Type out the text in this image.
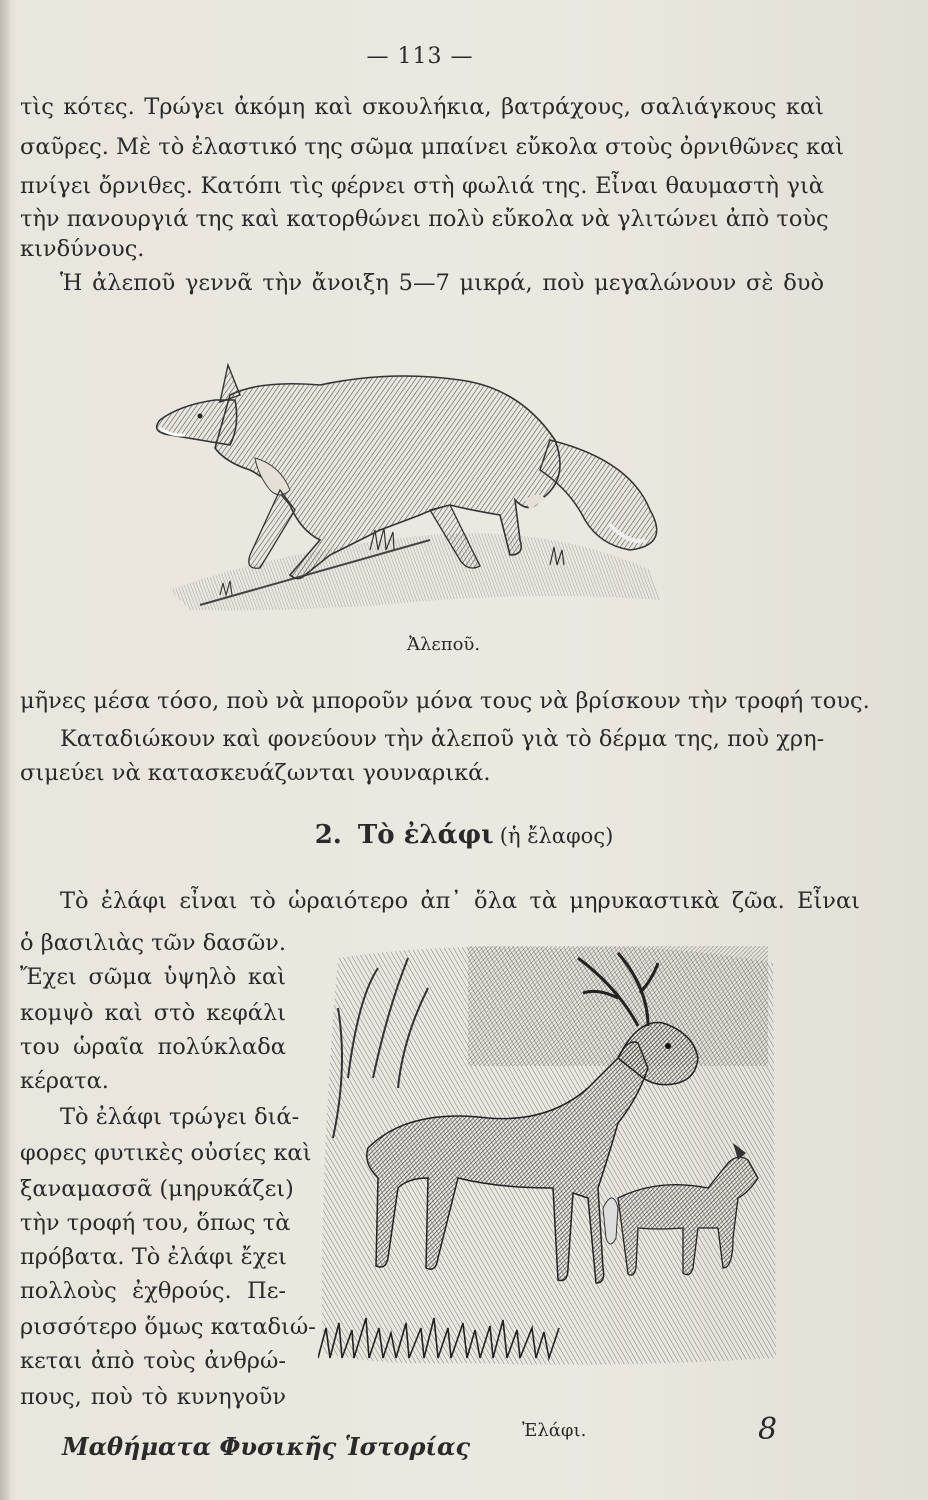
— 113 —
τὶς κότες. Τρώγει ἀκόμη καὶ σκουλήκια, βατράχους, σαλιάγκους καὶ
σαῦρες. Μὲ τὸ ἐλαστικό της σῶμα μπαίνει εὔκολα στοὺς ὀρνιθῶνες καὶ
πνίγει ὄρνιθες. Κατόπι τὶς φέρνει στὴ φωλιά της. Εἶναι θαυμαστὴ γιὰ
τὴν πανουργιά της καὶ κατορθώνει πολὺ εὔκολα νὰ γλιτώνει ἀπὸ τοὺς
κινδύνους.
Ἡ ἀλεποῦ γεννᾶ τὴν ἄνοιξη 5—7 μικρά, ποὺ μεγαλώνουν σὲ δυὸ
Ἀλεποῦ.
μῆνες μέσα τόσο, ποὺ νὰ μποροῦν μόνα τους νὰ βρίσκουν τὴν τροφή τους.
Καταδιώκουν καὶ φονεύουν τὴν ἀλεποῦ γιὰ τὸ δέρμα της, ποὺ χρη-
σιμεύει νὰ κατασκευάζωνται γουναρικά.
2. Τὸ ἐλάφι (ἡ ἔλαφος)
Τὸ ἐλάφι εἶναι τὸ ὡραιότερο ἀπ᾿ ὅλα τὰ μηρυκαστικὰ ζῶα. Εἶναι
ὁ βασιλιὰς τῶν δασῶν.
Ἔχει σῶμα ὑψηλὸ καὶ
κομψὸ καὶ στὸ κεφάλι
του ὡραῖα πολύκλαδα
κέρατα.
Τὸ ἐλάφι τρώγει διά-
φορες φυτικὲς οὐσίες καὶ
ξαναμασσᾶ (μηρυκάζει)
τὴν τροφή του, ὅπως τὰ
πρόβατα. Τὸ ἐλάφι ἔχει
πολλοὺς ἐχθρούς. Πε-
ρισσότερο ὅμως καταδιώ-
κεται ἀπὸ τοὺς ἀνθρώ-
πους, ποὺ τὸ κυνηγοῦν
Ἐλάφι.
Μαθήματα Φυσικῆς Ἱστορίας	8
